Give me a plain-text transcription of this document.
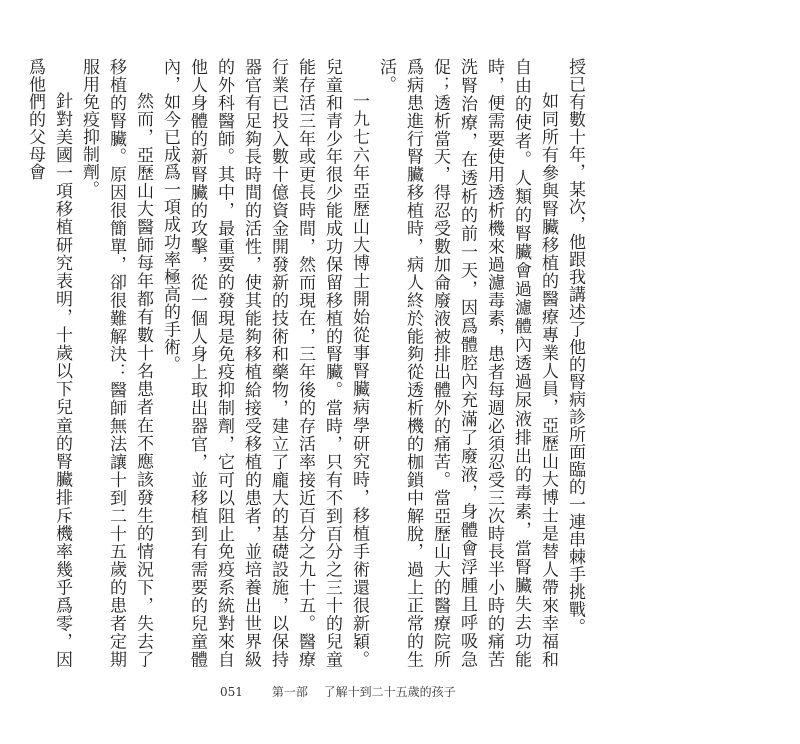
授已有數十年，某次，他跟我講述了他的腎病診所面臨的一連串棘手挑戰。

如同所有參與腎臟移植的醫療專業人員，亞歷山大博士是替人帶來幸福和自由的使者。人類的腎臟會過濾體內透過尿液排出的毒素，當腎臟失去功能時，便需要使用透析機來過濾毒素，患者每週必須忍受三次時長半小時的痛苦洗腎治療，在透析的前一天，因爲體腔內充滿了廢液，身體會浮腫且呼吸急促；透析當天，得忍受數加侖廢液被排出體外的痛苦。當亞歷山大的醫療院所爲病患進行腎臟移植時，病人終於能夠從透析機的枷鎖中解脫，過上正常的生活。

一九七六年亞歷山大博士開始從事腎臟病學研究時，移植手術還很新穎。兒童和青少年很少能成功保留移植的腎臟。當時，只有不到百分之三十的兒童能存活三年或更長時間，然而現在，三年後的存活率接近百分之九十五。醫療行業已投入數十億資金開發新的技術和藥物，建立了龐大的基礎設施，以保持器官有足夠長時間的活性，使其能夠移植給接受移植的患者，並培養出世界級的外科醫師。其中，最重要的發現是免疫抑制劑，它可以阻止免疫系統對來自他人身體的新腎臟的攻擊，從一個人身上取出器官，並移植到有需要的兒童體內，如今已成爲一項成功率極高的手術。

然而，亞歷山大醫師每年都有數十名患者在不應該發生的情況下，失去了移植的腎臟。原因很簡單，卻很難解決：醫師無法讓十到二十五歲的患者定期服用免疫抑制劑。

針對美國一項移植研究表明，十歲以下兒童的腎臟排斥機率幾乎爲零，因爲他們的父母會

051 第一部 了解十到二十五歲的孩子
